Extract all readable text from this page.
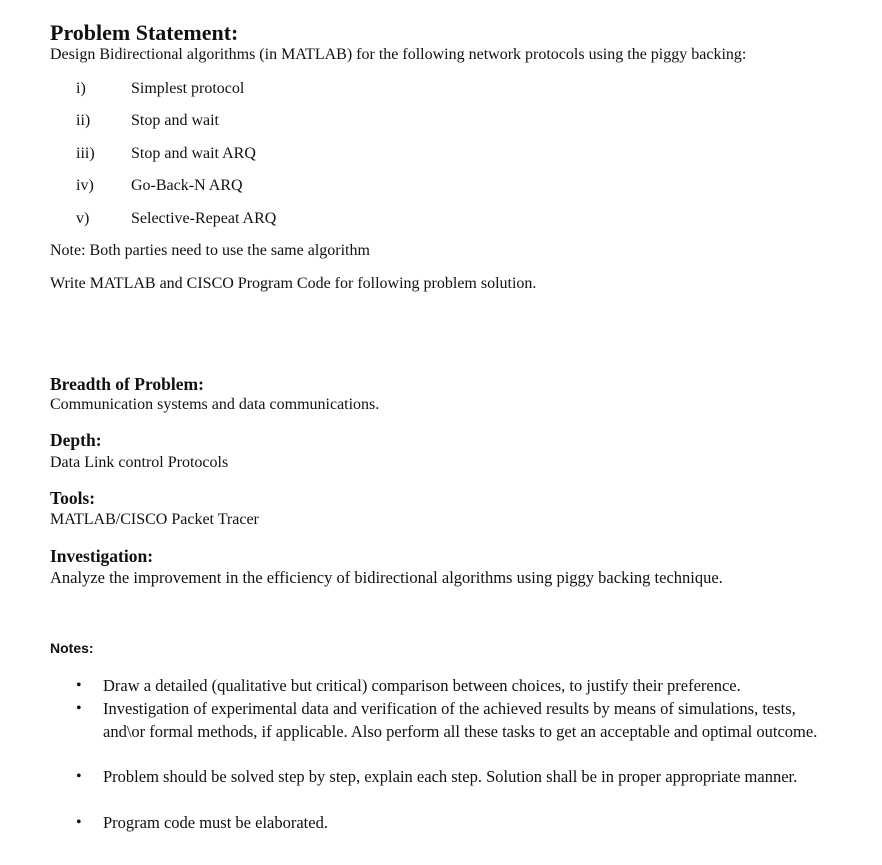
Problem Statement:
Design Bidirectional algorithms (in MATLAB) for the following network protocols using the piggy backing:
i)	Simplest protocol
ii)	Stop and wait
iii)	Stop and wait ARQ
iv)	Go-Back-N ARQ
v)	Selective-Repeat ARQ
Note: Both parties need to use the same algorithm
Write MATLAB and CISCO Program Code for following problem solution.
Breadth of Problem:
Communication systems and data communications.
Depth:
Data Link control Protocols
Tools:
MATLAB/CISCO Packet Tracer
Investigation:
Analyze the improvement in the efficiency of bidirectional algorithms using piggy backing technique.
Notes:
• Draw a detailed (qualitative but critical) comparison between choices, to justify their preference.
• Investigation of experimental data and verification of the achieved results by means of simulations, tests, and\or formal methods, if applicable. Also perform all these tasks to get an acceptable and optimal outcome.
• Problem should be solved step by step, explain each step. Solution shall be in proper appropriate manner.
• Program code must be elaborated.
